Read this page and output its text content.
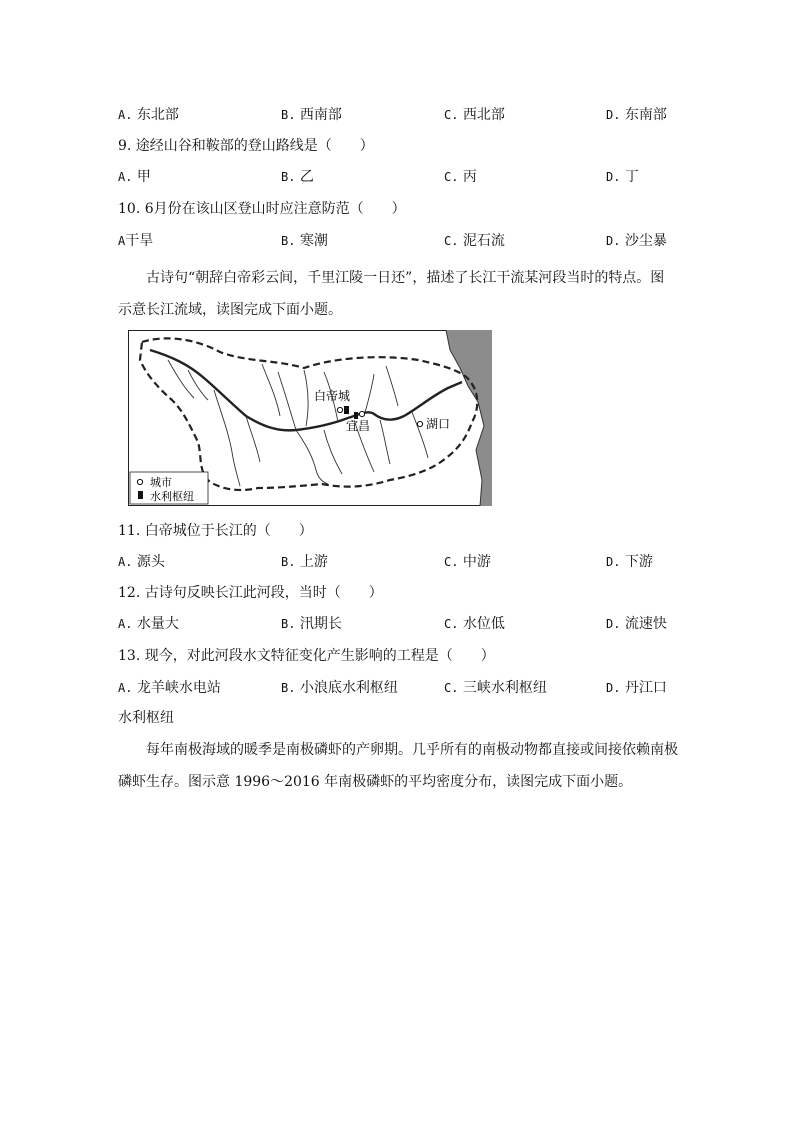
A. 东北部	B. 西南部	C. 西北部	D. 东南部
9. 途经山谷和鞍部的登山路线是（　　）
A. 甲	B. 乙	C. 丙	D. 丁
10. 6月份在该山区登山时应注意防范（　　）
A干旱	B. 寒潮	C. 泥石流	D. 沙尘暴
古诗句“朝辞白帝彩云间，千里江陵一日还”，描述了长江干流某河段当时的特点。图示意长江流域，读图完成下面小题。
白帝城
宜昌	湖口
城市
水利枢纽
11. 白帝城位于长江的（　　）
A. 源头	B. 上游	C. 中游	D. 下游
12. 古诗句反映长江此河段，当时（　　）
A. 水量大	B. 汛期长	C. 水位低	D. 流速快
13. 现今，对此河段水文特征变化产生影响的工程是（　　）
A. 龙羊峡水电站	B. 小浪底水利枢纽	C. 三峡水利枢纽	D. 丹江口
水利枢纽
每年南极海域的暖季是南极磷虾的产卵期。几乎所有的南极动物都直接或间接依赖南极磷虾生存。图示意 1996～2016 年南极磷虾的平均密度分布，读图完成下面小题。
